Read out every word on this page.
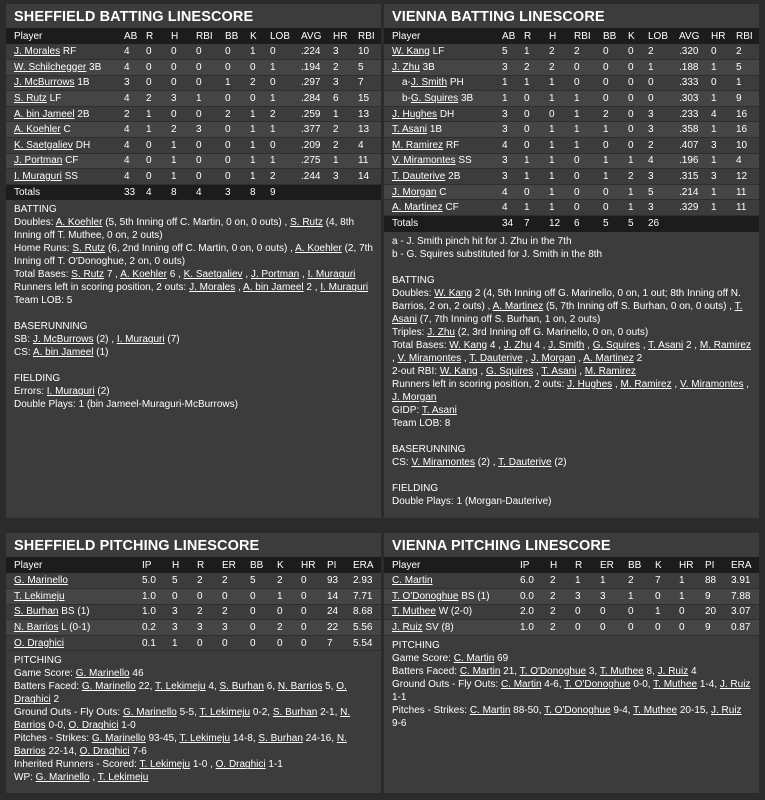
SHEFFIELD BATTING LINESCORE
Player	AB	R	H	RBI	BB	K	LOB	AVG	HR	RBI
J. Morales RF	4	0	0	0	0	1	0	.224	3	10
W. Schilchegger 3B	4	0	0	0	0	0	1	.194	2	5
J. McBurrows 1B	3	0	0	0	1	2	0	.297	3	7
S. Rutz LF	4	2	3	1	0	0	1	.284	6	15
A. bin Jameel 2B	2	1	0	0	2	1	2	.259	1	13
A. Koehler C	4	1	2	3	0	1	1	.377	2	13
K. Saetgaliev DH	4	0	1	0	0	1	0	.209	2	4
J. Portman CF	4	0	1	0	0	1	1	.275	1	11
I. Muraguri SS	4	0	1	0	0	1	2	.244	3	14
Totals	33	4	8	4	3	8	9			

BATTING

Doubles: A. Koehler (5, 5th Inning off C. Martin, 0 on, 0 outs) , S. Rutz (4, 8th Inning off T. Muthee, 0 on, 2 outs)

Home Runs: S. Rutz (6, 2nd Inning off C. Martin, 0 on, 0 outs) , A. Koehler (2, 7th Inning off T. O'Donoghue, 2 on, 0 outs)

Total Bases: S. Rutz 7 , A. Koehler 6 , K. Saetgaliev , J. Portman , I. Muraguri

Runners left in scoring position, 2 outs: J. Morales , A. bin Jameel 2 , I. Muraguri

Team LOB: 5

BASERUNNING

SB: J. McBurrows (2) , I. Muraguri (7)

CS: A. bin Jameel (1)

FIELDING

Errors: I. Muraguri (2)

Double Plays: 1 (bin Jameel-Muraguri-McBurrows)

VIENNA BATTING LINESCORE
Player	AB	R	H	RBI	BB	K	LOB	AVG	HR	RBI
W. Kang LF	5	1	2	2	0	0	2	.320	0	2
J. Zhu 3B	3	2	2	0	0	0	1	.188	1	5
a-J. Smith PH	1	1	1	0	0	0	0	.333	0	1
b-G. Squires 3B	1	0	1	1	0	0	0	.303	1	9
J. Hughes DH	3	0	0	1	2	0	3	.233	4	16
T. Asani 1B	3	0	1	1	1	0	3	.358	1	16
M. Ramirez RF	4	0	1	1	0	0	2	.407	3	10
V. Miramontes SS	3	1	1	0	1	1	4	.196	1	4
T. Dauterive 2B	3	1	1	0	1	2	3	.315	3	12
J. Morgan C	4	0	1	0	0	1	5	.214	1	11
A. Martinez CF	4	1	1	0	0	1	3	.329	1	11
Totals	34	7	12	6	5	5	26			

a - J. Smith pinch hit for J. Zhu in the 7th

b - G. Squires substituted for J. Smith in the 8th

BATTING

Doubles: W. Kang 2 (4, 5th Inning off G. Marinello, 0 on, 1 out; 8th Inning off N. Barrios, 2 on, 2 outs) , A. Martinez (5, 7th Inning off S. Burhan, 0 on, 0 outs) , T. Asani (7, 7th Inning off S. Burhan, 1 on, 2 outs)

Triples: J. Zhu (2, 3rd Inning off G. Marinello, 0 on, 0 outs)

Total Bases: W. Kang 4 , J. Zhu 4 , J. Smith , G. Squires , T. Asani 2 , M. Ramirez , V. Miramontes , T. Dauterive , J. Morgan , A. Martinez 2

2-out RBI: W. Kang , G. Squires , T. Asani , M. Ramirez

Runners left in scoring position, 2 outs: J. Hughes , M. Ramirez , V. Miramontes , J. Morgan

GIDP: T. Asani

Team LOB: 8

BASERUNNING

CS: V. Miramontes (2) , T. Dauterive (2)

FIELDING

Double Plays: 1 (Morgan-Dauterive)

SHEFFIELD PITCHING LINESCORE
Player	IP	H	R	ER	BB	K	HR	PI	ERA
G. Marinello	5.0	5	2	2	5	2	0	93	2.93
T. Lekimeju	1.0	0	0	0	0	1	0	14	7.71
S. Burhan BS (1)	1.0	3	2	2	0	0	0	24	8.68
N. Barrios L (0-1)	0.2	3	3	3	0	2	0	22	5.56
O. Draghici	0.1	1	0	0	0	0	0	7	5.54

PITCHING

Game Score: G. Marinello 46

Batters Faced: G. Marinello 22, T. Lekimeju 4, S. Burhan 6, N. Barrios 5, O. Draghici 2

Ground Outs - Fly Outs: G. Marinello 5-5, T. Lekimeju 0-2, S. Burhan 2-1, N. Barrios 0-0, O. Draghici 1-0

Pitches - Strikes: G. Marinello 93-45, T. Lekimeju 14-8, S. Burhan 24-16, N. Barrios 22-14, O. Draghici 7-6

Inherited Runners - Scored: T. Lekimeju 1-0 , O. Draghici 1-1

WP: G. Marinello , T. Lekimeju

VIENNA PITCHING LINESCORE
Player	IP	H	R	ER	BB	K	HR	PI	ERA
C. Martin	6.0	2	1	1	2	7	1	88	3.91
T. O'Donoghue BS (1)	0.0	2	3	3	1	0	1	9	7.88
T. Muthee W (2-0)	2.0	2	0	0	0	1	0	20	3.07
J. Ruiz SV (8)	1.0	2	0	0	0	0	0	9	0.87

PITCHING

Game Score: C. Martin 69

Batters Faced: C. Martin 21, T. O'Donoghue 3, T. Muthee 8, J. Ruiz 4

Ground Outs - Fly Outs: C. Martin 4-6, T. O'Donoghue 0-0, T. Muthee 1-4, J. Ruiz 1-1

Pitches - Strikes: C. Martin 88-50, T. O'Donoghue 9-4, T. Muthee 20-15, J. Ruiz 9-6
